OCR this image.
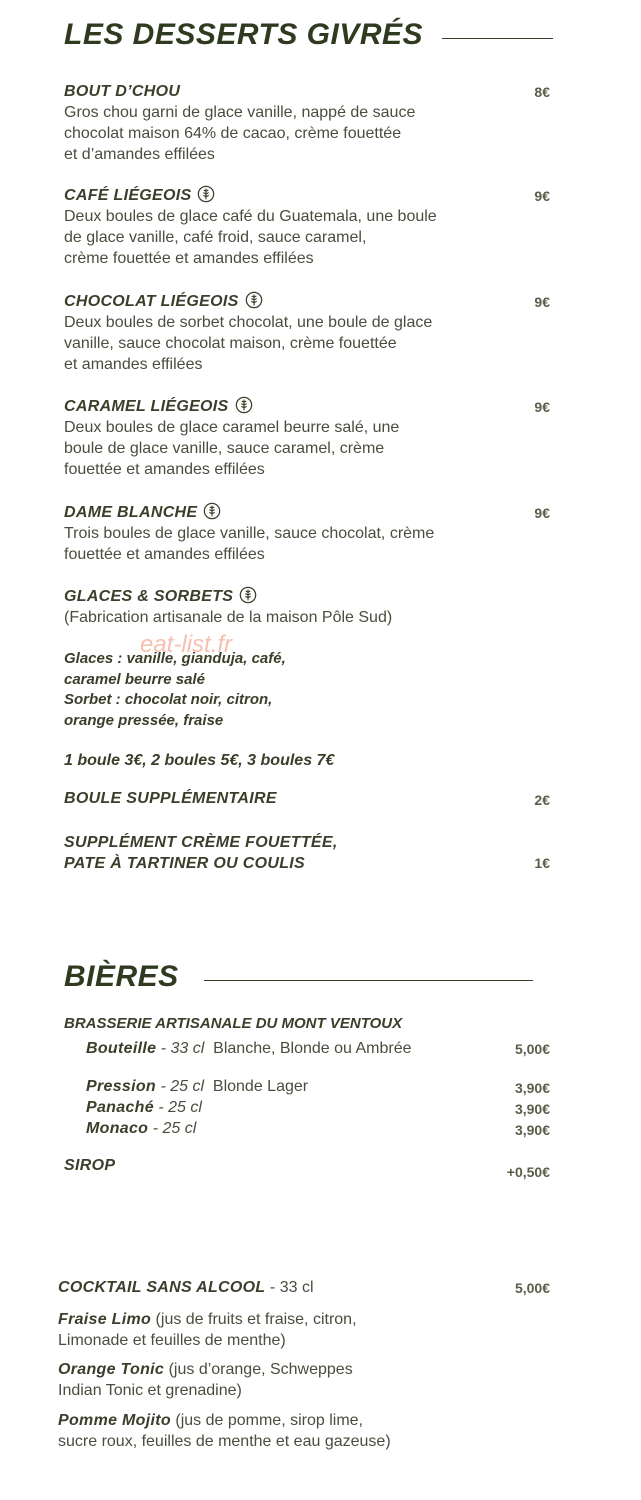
LES DESSERTS GIVRÉS
BOUT D’CHOU
Gros chou garni de glace vanille, nappé de sauce
chocolat maison 64% de cacao, crème fouettée
et d’amandes effilées
8€
CAFÉ LIÉGEOIS
Deux boules de glace café du Guatemala, une boule
de glace vanille, café froid, sauce caramel,
crème fouettée et amandes effilées
9€
CHOCOLAT LIÉGEOIS
Deux boules de sorbet chocolat, une boule de glace
vanille, sauce chocolat maison, crème fouettée
et amandes effilées
9€
CARAMEL LIÉGEOIS
Deux boules de glace caramel beurre salé, une
boule de glace vanille, sauce caramel, crème
fouettée et amandes effilées
9€
DAME BLANCHE
Trois boules de glace vanille, sauce chocolat, crème
fouettée et amandes effilées
9€
GLACES & SORBETS
(Fabrication artisanale de la maison Pôle Sud)
eat-list.fr
Glaces : vanille, gianduja, café,
caramel beurre salé
Sorbet : chocolat noir, citron,
orange pressée, fraise
1 boule 3€, 2 boules 5€, 3 boules 7€
BOULE SUPPLÉMENTAIRE	2€
SUPPLÉMENT CRÈME FOUETTÉE,
PATE À TARTINER OU COULIS	1€
BIÈRES
BRASSERIE ARTISANALE DU MONT VENTOUX
Bouteille - 33 cl Blanche, Blonde ou Ambrée	5,00€
Pression - 25 cl Blonde Lager	3,90€
Panaché - 25 cl	3,90€
Monaco - 25 cl	3,90€
SIROP	+0,50€
COCKTAIL SANS ALCOOL - 33 cl	5,00€
Fraise Limo (jus de fruits et fraise, citron,
Limonade et feuilles de menthe)
Orange Tonic (jus d’orange, Schweppes
Indian Tonic et grenadine)
Pomme Mojito (jus de pomme, sirop lime,
sucre roux, feuilles de menthe et eau gazeuse)
